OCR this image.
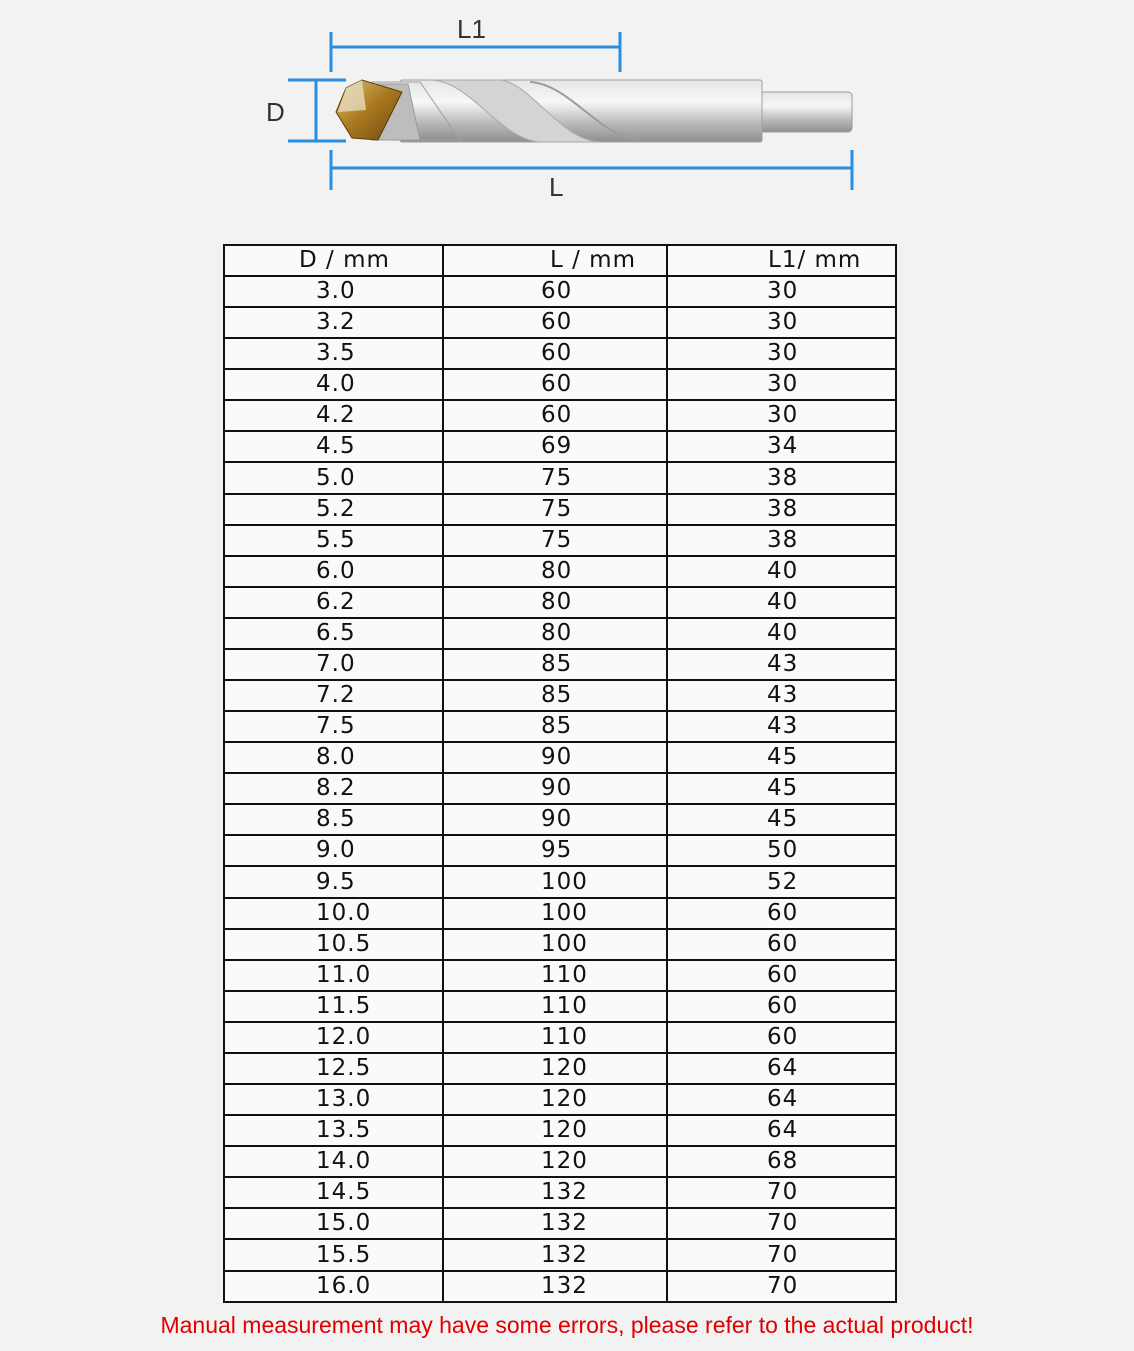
L1
D
L
D / mm	L / mm	L1/ mm
3.0	60	30
3.2	60	30
3.5	60	30
4.0	60	30
4.2	60	30
4.5	69	34
5.0	75	38
5.2	75	38
5.5	75	38
6.0	80	40
6.2	80	40
6.5	80	40
7.0	85	43
7.2	85	43
7.5	85	43
8.0	90	45
8.2	90	45
8.5	90	45
9.0	95	50
9.5	100	52
10.0	100	60
10.5	100	60
11.0	110	60
11.5	110	60
12.0	110	60
12.5	120	64
13.0	120	64
13.5	120	64
14.0	120	68
14.5	132	70
15.0	132	70
15.5	132	70
16.0	132	70
Manual measurement may have some errors, please refer to the actual product!
